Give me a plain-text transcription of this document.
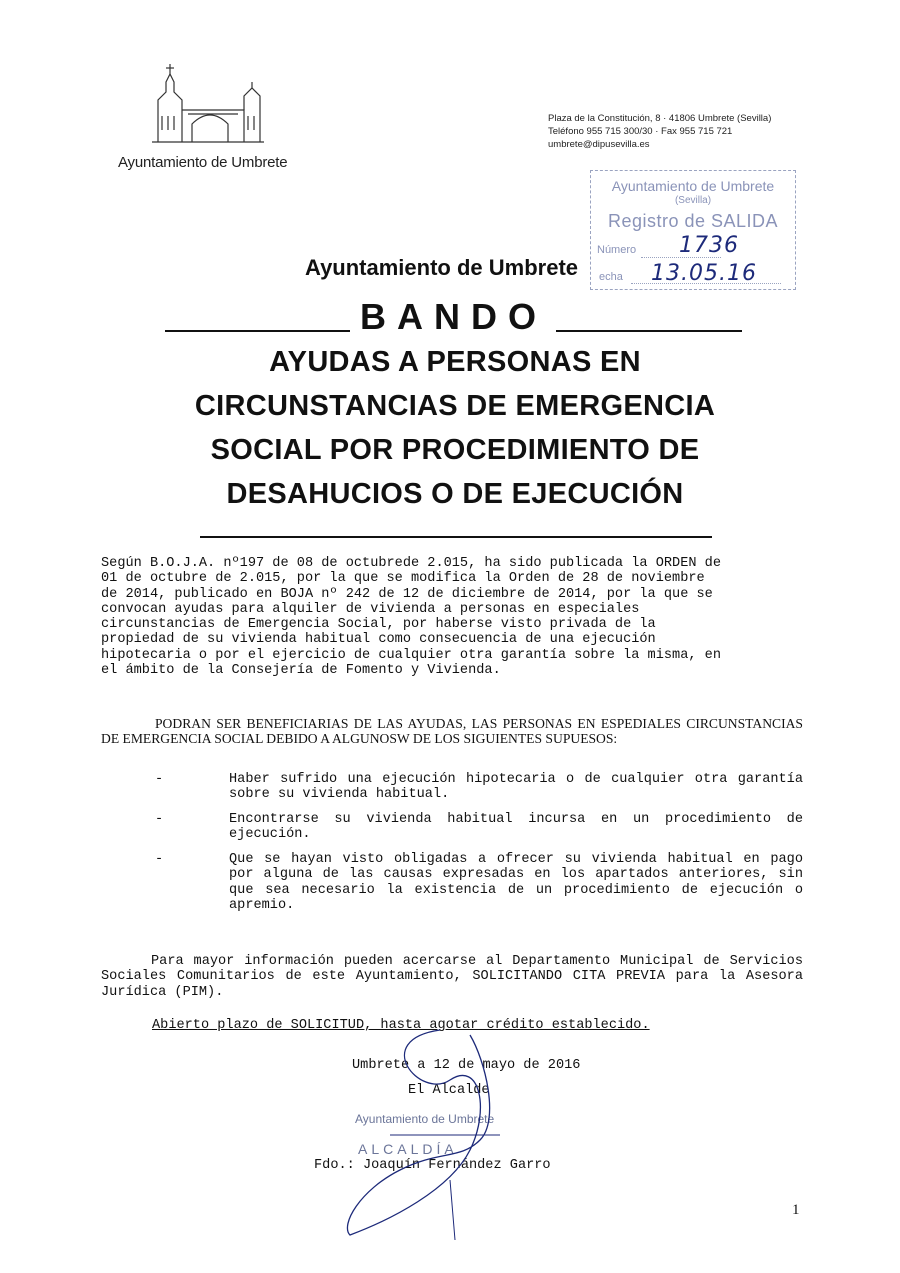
Ayuntamiento de Umbrete
Plaza de la Constitución, 8 · 41806 Umbrete (Sevilla)
Teléfono 955 715 300/30 · Fax 955 715 721
umbrete@dipusevilla.es
Ayuntamiento de Umbrete
(Sevilla)
Registro de SALIDA
Número 1736
echa 13.05.16
Ayuntamiento de Umbrete
BANDO
AYUDAS A PERSONAS EN
CIRCUNSTANCIAS DE EMERGENCIA
SOCIAL POR PROCEDIMIENTO DE
DESAHUCIOS O DE EJECUCIÓN
Según B.O.J.A. nº197 de 08 de octubrede 2.015, ha sido publicada la ORDEN de
01 de octubre de 2.015, por la que se modifica la Orden de 28 de noviembre
de 2014, publicado en BOJA nº 242 de 12 de diciembre de 2014, por la que se
convocan ayudas para alquiler de vivienda a personas en especiales
circunstancias de Emergencia Social, por haberse visto privada de la
propiedad de su vivienda habitual como consecuencia de una ejecución
hipotecaria o por el ejercicio de cualquier otra garantía sobre la misma, en
el ámbito de la Consejería de Fomento y Vivienda.
PODRAN SER BENEFICIARIAS DE LAS AYUDAS, LAS PERSONAS EN ESPEDIALES CIRCUNSTANCIAS DE EMERGENCIA SOCIAL DEBIDO A ALGUNOSW DE LOS SIGUIENTES SUPUESOS:
-	Haber sufrido una ejecución hipotecaria o de cualquier otra garantía sobre su vivienda habitual.
-	Encontrarse su vivienda habitual incursa en un procedimiento de ejecución.
-	Que se hayan visto obligadas a ofrecer su vivienda habitual en pago por alguna de las causas expresadas en los apartados anteriores, sin que sea necesario la existencia de un procedimiento de ejecución o apremio.
Para mayor información pueden acercarse al Departamento Municipal de Servicios Sociales Comunitarios de este Ayuntamiento, SOLICITANDO CITA PREVIA para la Asesora Jurídica (PIM).
Abierto plazo de SOLICITUD, hasta agotar crédito establecido.
Umbrete a 12 de mayo de 2016
El Alcalde
Ayuntamiento de Umbrete
ALCALDÍA
Fdo.: Joaquín Fernández Garro
1
